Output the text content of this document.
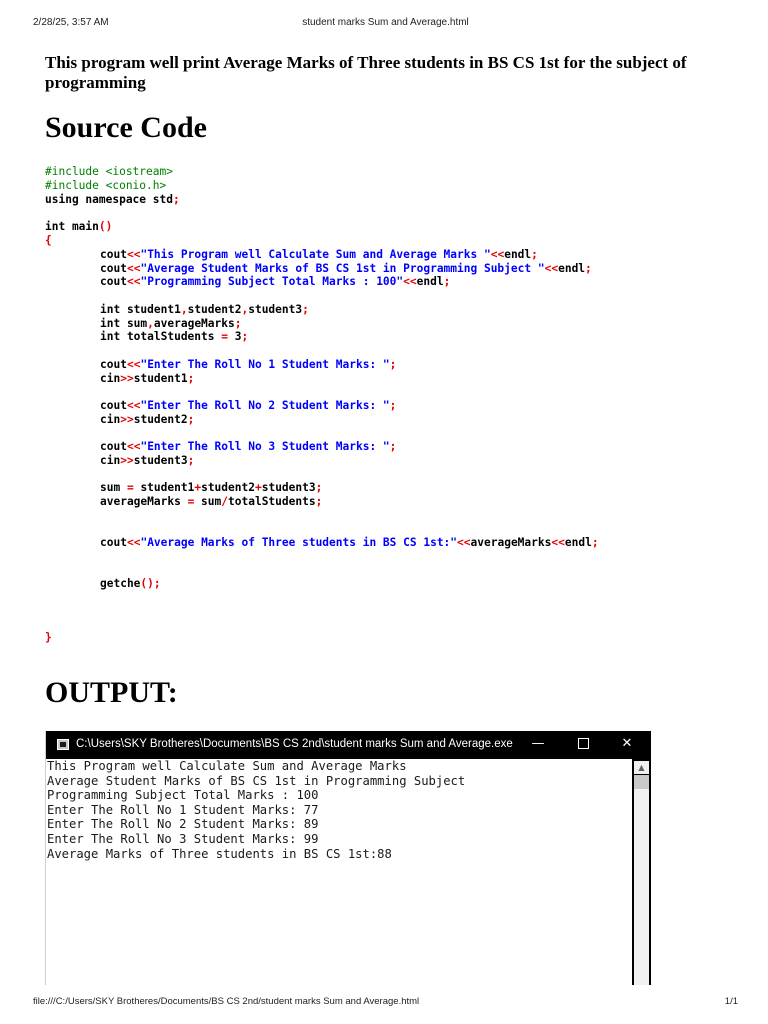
2/28/25, 3:57 AM	student marks Sum and Average.html

This program well print Average Marks of Three students in BS CS 1st for the subject of programming

Source Code
#include <iostream>
#include <conio.h>
using namespace std;
int main()
{
cout<<"This Program well Calculate Sum and Average Marks "<<endl;
cout<<"Average Student Marks of BS CS 1st in Programming Subject "<<endl;
cout<<"Programming Subject Total Marks : 100"<<endl;
int student1,student2,student3;
int sum,averageMarks;
int totalStudents = 3;
cout<<"Enter The Roll No 1 Student Marks: ";
cin>>student1;
cout<<"Enter The Roll No 2 Student Marks: ";
cin>>student2;
cout<<"Enter The Roll No 3 Student Marks: ";
cin>>student3;
sum = student1+student2+student3;
averageMarks = sum/totalStudents;
cout<<"Average Marks of Three students in BS CS 1st:"<<averageMarks<<endl;
getche();
}
OUTPUT:
C:\Users\SKY Brotheres\Documents\BS CS 2nd\student marks Sum and Average.exe	—	✕
This Program well Calculate Sum and Average Marks
Average Student Marks of BS CS 1st in Programming Subject
Programming Subject Total Marks : 100
Enter The Roll No 1 Student Marks: 77
Enter The Roll No 2 Student Marks: 89
Enter The Roll No 3 Student Marks: 99
Average Marks of Three students in BS CS 1st:88
▲
file:///C:/Users/SKY Brotheres/Documents/BS CS 2nd/student marks Sum and Average.html	1/1
